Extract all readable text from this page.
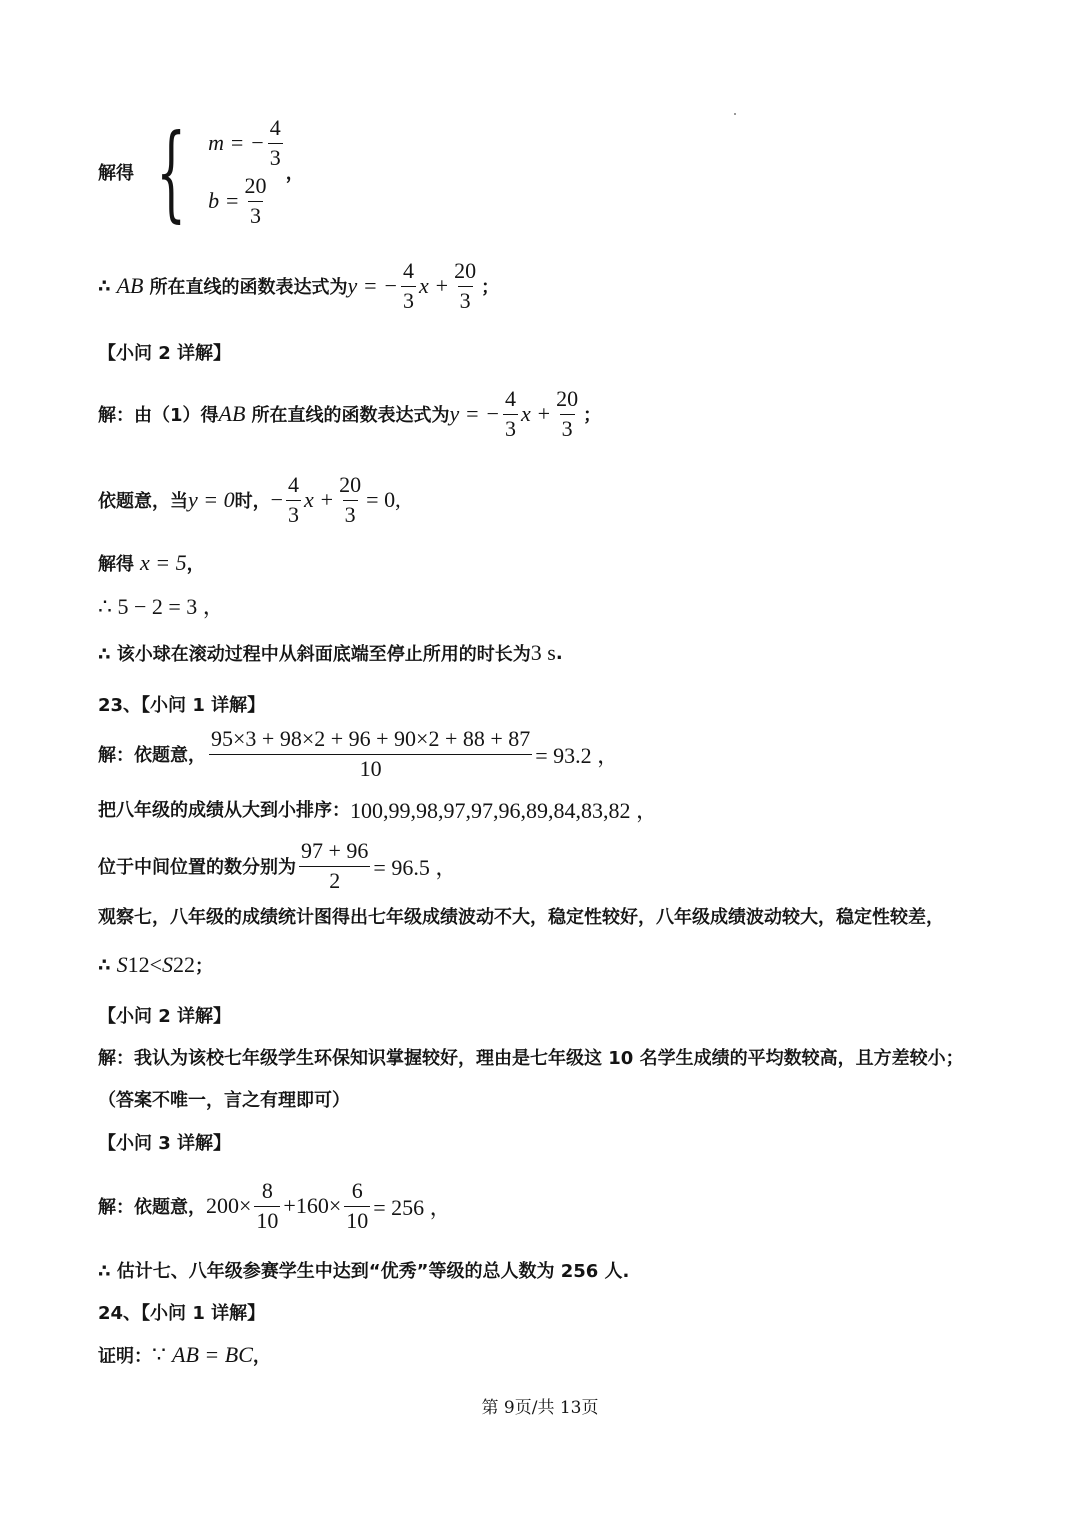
解得 { m = − $\frac{4}{3}$
$b = \frac{20}{3}$
，
∴
AB
所在直线的函数表达式为 y = − $\frac{4}{3}$ $x + \frac{20}{3}$ ；
【小问 2 详解】
解：由（1）得 AB
所在直线的函数表达式为 y = − $\frac{4}{3}$ $x + \frac{20}{3}$ ；
依题意，当 y = 0 时， − $\frac{4}{3}$ $x + \frac{20}{3} = 0$,
解得
x = 5 ，
∴ 5 − 2 = 3 ，
∴ 该小球在滚动过程中从斜面底端至停止所用的时长为 3 s .
23、【小问 1 详解】
解：依题意， $\frac{95\times 3 + 98\times 2 + 96 + 90\times 2 + 88 + 87}{10} = 93.2$ ，
把八年级的成绩从大到小排序： 100,99,98,97,97,96,89,84,83,82 ，
位于中间位置的数分别为 $\frac{97 + 96}{2} = 96.5$ ，
观察七，八年级的成绩统计图得出七年级成绩波动不大，稳定性较好，八年级成绩波动较大，稳定性较差，
∴
S 1 2 < S 2 2 ；
【小问 2 详解】
解：我认为该校七年级学生环保知识掌握较好，理由是七年级这 10 名学生成绩的平均数较高，且方差较小；
（答案不唯一，言之有理即可）
【小问 3 详解】
解：依题意， $200\times \frac{8}{10} +160\times \frac{6}{10} = 256$ ，
∴ 估计七、八年级参赛学生中达到“优秀”等级的总人数为 256 人.
24、【小问 1 详解】
证明： ∵
AB = BC ，
第 9页/共 13页
